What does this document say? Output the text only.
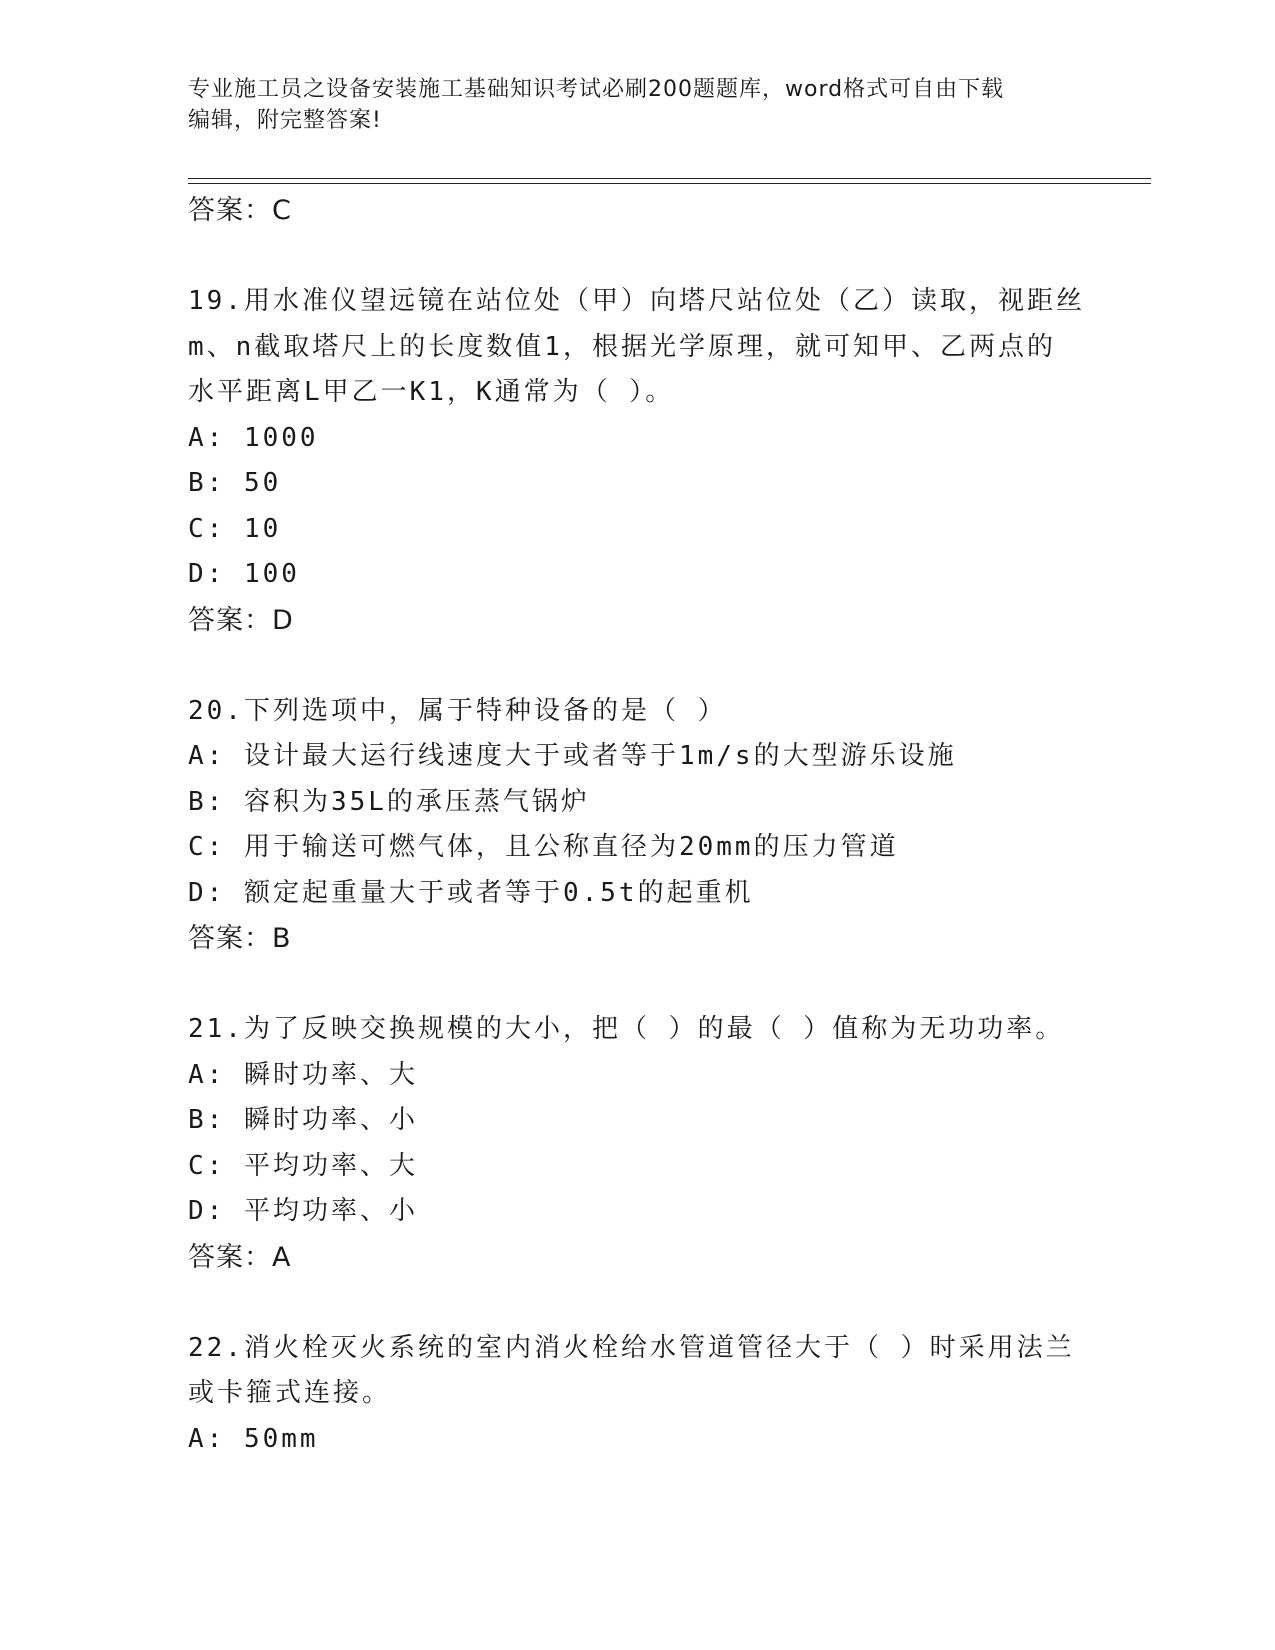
专业施工员之设备安装施工基础知识考试必刷200题题库，word格式可自由下载
编辑，附完整答案!
答案：C
19.用水准仪望远镜在站位处（甲）向塔尺站位处（乙）读取，视距丝
m、n截取塔尺上的长度数值1，根据光学原理，就可知甲、乙两点的
水平距离L甲乙一K1，K通常为（ ）。
A: 1000
B: 50
C: 10
D: 100
答案：D
20.下列选项中，属于特种设备的是（ ）
A: 设计最大运行线速度大于或者等于1m/s的大型游乐设施
B: 容积为35L的承压蒸气锅炉
C: 用于输送可燃气体，且公称直径为20mm的压力管道
D: 额定起重量大于或者等于0.5t的起重机
答案：B
21.为了反映交换规模的大小，把（ ）的最（ ）值称为无功功率。
A: 瞬时功率、大
B: 瞬时功率、小
C: 平均功率、大
D: 平均功率、小
答案：A
22.消火栓灭火系统的室内消火栓给水管道管径大于（ ）时采用法兰
或卡箍式连接。
A: 50mm
